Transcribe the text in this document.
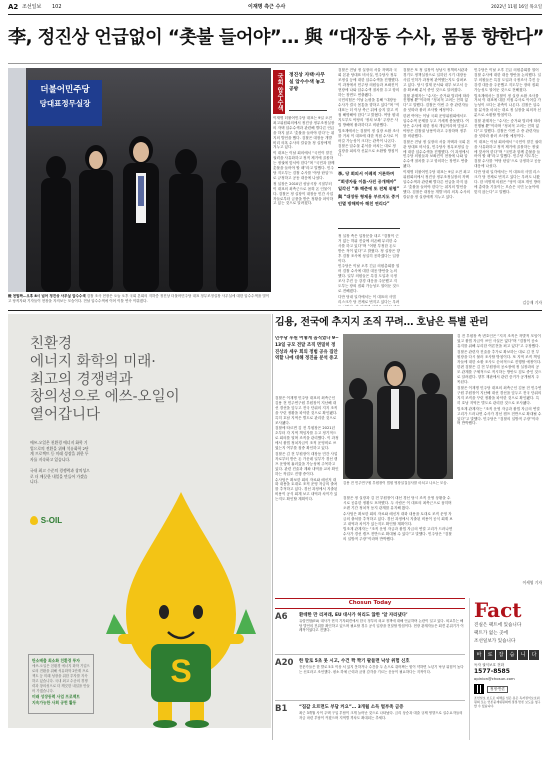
A2 조선일보 102	이재명 측근 수사	2022년 11월 16일 목요일
李, 정진상 언급없이 “촛불 들어야”… 與 “대장동 수사, 몸통 향한다”
더불어민주당
당대표정무실장
檢 천말짜…오후 8시 넘어 정진상 사무실 압수수색 검찰 조사 현장은 오늘 오후 국회 본회의 지하층 정진상 더불어민주당 대표 정무조정실장 사무실에 대한 압수수색을 벌이고 당직자와 기자들이 현장을 지켜보는 모습이다. 전날 압수수색에 이어 이틀 연속 이뤄졌다.
국회 압수수색	정진상 자택·사무실 압수수색 놓고 공방

이재명 더불어민주당 대표는 9일 오전 최고위원회의에서 정진상 정무조정실장의 자택 압수수색과 관련해 별다른 언급을 하지 않고 ‘촛불을 들어야 한다’는 취지의 발언을 했다. 검찰은 대장동 개발 비리 의혹 수사의 칼끝을 정 실장에게 겨누고 있다.

이 대표는 이날 회의에서 “국민이 맡긴 권력을 사유화하고 정적 제거에 골몰하는 정권에 맞서야 한다”며 “국민과 함께 촛불을 들어야 할 때”라고 말했다. 민주당 지도부는 검찰 수사를 ‘야당 탄압’으로 규정하고 공동 대응에 나섰다.

정 실장은 2010년 성남시장 시절부터 이 대표의 최측근으로 꼽혀 온 인물이다. 검찰은 정 실장이 대장동 민간 사업자들로부터 금품을 받은 정황을 파악하고 있는 것으로 알려졌다.

검찰은 전날 정 실장의 서울 자택과 국회 본관 당대표 비서실, 민주당사 정무조정실 등에 대한 압수수색을 진행했다. 이 과정에서 민주당 의원들과 보좌진이 현장에 나와 압수수색 절차를 두고 항의하는 장면도 연출됐다.

국민의힘은 이날 논평을 통해 “대장동 수사가 결국 몸통을 향하고 있다”며 “이 대표는 더 이상 측근 뒤에 숨지 말고 직접 해명해야 한다”고 밝혔다. 여당 원내 지도부도 야당의 ‘정치 보복’ 주장은 사법 방해에 불과하다고 비판했다.

법조계에서는 검찰이 정 실장 소환 조사를 거쳐 이 대표에 대한 직접 수사로 이어갈 가능성이 크다는 관측이 나온다. 검찰은 압수물 분석을 마치는 대로 정 실장을 피의자 신분으로 소환할 방침이다.

李, 당 회의서 이례적 거론하며 “회생자들 이름·사진 공개해야” 일각선 “李 해준에 또 전체 위협” 與 “대장동 형제용 부르지도 증거인멸 방해막아 해친 연리다”

정 실장 측은 입장문을 내고 “검찰이 근거 없는 허위 진술에 의존해 무리한 수사를 하고 있다”며 “어떤 부정한 돈도 받은 적이 없다”고 밝혔다. 정 실장은 향후 검찰 조사에 성실히 응하겠다는 입장이다.

민주당은 이날 오후 긴급 의원총회를 열어 검찰 수사에 대한 대응 방안을 논의했다. 일부 의원들은 특검 도입과 국정조사 추진 등 강경 대응을 주문했고 지도부는 장외 집회 가능성도 열어둔 것으로 전해졌다.

다만 당내 일각에서는 이 대표의 사법 리스크가 당 전체로 번지고 있다는 우려

검찰은 또 정 실장이 성남시 정책비서관과 경기도 정책실장으로 일하던 시기 대장동 사업 인허가 과정에 관여했는지도 살펴보고 있다. 당시 결재 문서와 내부 보고서 등을 확보해 분석 중인 것으로 알려졌다.

검찰 관계자는 “수사는 증거와 법리에 따라 진행될 뿐”이라며 “정치적 고려는 전혀 없다”고 말했다. 검찰은 이번 주 중 관련자들을 잇따라 불러 조사할 예정이다.

한편 여야는 이날 국회 운영위원회에서도 압수수색 문제를 두고 거세게 충돌했다. 여당은 수사에 대한 정치 개입이라며 맞섰고 야당은 검찰권 남용이라고 주장하며 정부를 비판했다.

검찰은 전날 정 실장의 서울 자택과 국회 본관 당대표 비서실, 민주당사 정무조정실 등에 대한 압수수색을 진행했다. 이 과정에서 민주당 의원들과 보좌진이 현장에 나와 압수수색 절차를 두고 항의하는 장면도 연출됐다.

이재명 더불어민주당 대표는 9일 오전 최고위원회의에서 정진상 정무조정실장의 자택 압수수색과 관련해 별다른 언급을 하지 않고 ‘촛불을 들어야 한다’는 취지의 발언을 했다. 검찰은 대장동 개발 비리 의혹 수사의 칼끝을 정 실장에게 겨누고 있다.

민주당은 이날 오후 긴급 의원총회를 열어 검찰 수사에 대한 대응 방안을 논의했다. 일부 의원들은 특검 도입과 국정조사 추진 등 강경 대응을 주문했고 지도부는 장외 집회 가능성도 열어둔 것으로 전해졌다.

법조계에서는 검찰이 정 실장 소환 조사를 거쳐 이 대표에 대한 직접 수사로 이어갈 가능성이 크다는 관측이 나온다. 검찰은 압수물 분석을 마치는 대로 정 실장을 피의자 신분으로 소환할 방침이다.

검찰 관계자는 “수사는 증거와 법리에 따라 진행될 뿐”이라며 “정치적 고려는 전혀 없다”고 말했다. 검찰은 이번 주 중 관련자들을 잇따라 불러 조사할 예정이다.

이 대표는 이날 회의에서 “국민이 맡긴 권력을 사유화하고 정적 제거에 골몰하는 정권에 맞서야 한다”며 “국민과 함께 촛불을 들어야 할 때”라고 말했다. 민주당 지도부는 검찰 수사를 ‘야당 탄압’으로 규정하고 공동 대응에 나섰다.

다만 당내 일각에서는 이 대표의 사법 리스크가 당 전체로 번지고 있다는 우려도 나왔다. 한 비명계 의원은 “당이 대표 개인 방어에 총력을 기울이는 모습은 국민 눈높이에 맞지 않는다”고 말했다.

김승재 기자
친환경
에너지 화학의 미래·
최고의 경쟁력과
창의성으로 에쓰-오일이
열어갑니다
에쓰-오일은 친환경 에너지 화학 기업으로의 전환을 위해 석유화학 2단계 프로젝트 등 미래 성장을 위한 투자를 지속하고 있습니다.

국내 최고 수준의 경쟁력과 창의성으로 더 깨끗한 내일을 만들어 가겠습니다.
S-OIL
탄소배출 최소화 친환경 투자
에쓰-오일은 친환경 에너지 화학 기업으로의 전환을 위해 석유화학 2단계 프로젝트 등 미래 성장을 위한 투자를 지속하고 있습니다. 국내 최고 수준의 경쟁력과 창의성으로 더 깨끗한 내일을 만들어 가겠습니다.
미래 성장동력 사업 프로젝트
지속가능한 사회 공헌 활동
S
김용, 전국에 추지지 조직 꾸려… 호남은 특별 관리
민주당 후원 어떻게 움직였나 9~13일 규모 전달 조직 면밀히 정진상과 세우 회의 정범 공유 집안 역할 나에 대해 정진을 분석 중고

검찰은 이재명 민주당 대표의 최측근인 김용 전 민주연구원 부원장이 지난해 대선 경선을 앞두고 전국 단위의 지지 조직을 꾸린 정황을 파악한 것으로 확인됐다. 특히 호남 지역은 별도로 관리한 것으로 조사됐다.

검찰에 따르면 김 전 부원장은 2021년 초부터 각 지역 책임자를 두고 정기적으로 회의를 열며 조직을 관리했다. 이 과정에서 불법 정치자금이 조직 운영비로 쓰였는지 여부를 집중 확인하고 있다.

검찰은 김 전 부원장이 대장동 민간 사업자로부터 받은 돈 가운데 일부가 경선 캠프 운영에 흘러갔을 가능성에 주목하고 있다. 관련 진술과 계좌 내역을 교차 확인하는 작업도 진행 중이다.

수사팀은 확보한 회의 자료와 메신저 대화 내용을 토대로 조직 운영 자금의 출처를 추적하고 있다. 경선 과정에서 지출된 비용이 공식 회계 보고 내역과 차이가 있는지도 확인할 계획이다.

김용 전 민주연구원 부원장이 법원 영장실질심사를 마치고 나오는 모습.

검찰은 정 실장과 김 전 부원장이 대선 경선 당시 조직 운영 상황을 수시로 공유한 정황도 포착했다. 두 사람은 이 대표의 최측근으로 꼽히며 오랜 기간 정치적 동지 관계를 유지해 왔다.

수사팀은 확보한 회의 자료와 메신저 대화 내용을 토대로 조직 운영 자금의 출처를 추적하고 있다. 경선 과정에서 지출된 비용이 공식 회계 보고 내역과 차이가 있는지도 확인할 계획이다.

법조계 관계자는 “조직 운영 자금과 불법 자금의 연결 고리가 드러나면 수사가 경선 캠프 전반으로 확대될 수 있다”고 말했다. 민주당은 “검찰의 일방적 주장”이라며 반박했다.

김 전 부원장 측 변호인은 “지지 조직은 자발적 모임이었고 불법 자금이 쓰인 사실은 없다”며 “검찰이 공소 유지를 위해 무리한 여론전을 펴고 있다”고 주장했다.

검찰은 관련자 진술을 추가로 확보하는 대로 김 전 부원장을 다시 불러 조사할 방침이다. 또 지역 조직 책임자들에 대한 소환 조사도 순차적으로 진행할 예정이다.

한편 검찰은 김 전 부원장의 공소장에 정 실장과의 공모 관계를 구체적으로 적시하는 방안도 검토 중인 것으로 알려졌다. 향후 재판에서 관련 증거가 공개될지 주목된다.

검찰은 이재명 민주당 대표의 최측근인 김용 전 민주연구원 부원장이 지난해 대선 경선을 앞두고 전국 단위의 지지 조직을 꾸린 정황을 파악한 것으로 확인됐다. 특히 호남 지역은 별도로 관리한 것으로 조사됐다.

법조계 관계자는 “조직 운영 자금과 불법 자금의 연결 고리가 드러나면 수사가 경선 캠프 전반으로 확대될 수 있다”고 말했다. 민주당은 “검찰의 일방적 주장”이라며 반박했다.

이세영 기자
Chosun Today
A6	환데한 만 리져래, EU 대사가 허리도 않한 ‘알 자라냈다’
유럽연합(EU) 대사가 현지 기자회견에서 한국 정부의 외교 정책에 대해 언급하며 논란이 일고 있다. 외교부는 해당 발언의 진위를 확인하고 있으며 필요할 경우 공식 입장을 전달할 방침이다. 현장 관계자들은 회견 분위기가 이례적이었다고 전했다.
A20 한 말로 5초 못 시고, 수건 짝 짝기 팔들면 낙상 위험 신호
전문가들은 한 발로 5초 이상 서 있지 못하거나 수건을 두 손으로 쥐어짜는 힘이 약하면 노년기 낙상 위험이 높다는 신호라고 조언했다. 평소 하체 근력과 균형 감각을 기르는 운동이 필요하다는 지적이다.
B1	“집값 오르면도 부담 커요”… 3개월 소득 벌부족 금증
최근 3개월 사이 주택 구입 부담이 크게 늘어난 것으로 나타났다. 금리 상승과 대출 규제 영향으로 실수요자들의 자금 마련 부담이 커졌으며 지역별 격차도 확대되는 추세다.
Fact
진실은 팩트에 있습니다
팩트가 없는 곳에
조선일보가 있습니다
바	로	잡	습	니	다
독자 권익보호 전화
1577-8585
opinion@chosun.com
정정·반론
조선일보 보도로 피해를 입은 분은 독자권익보호위원회 또는 언론중재위원회에 정정·반론 보도를 청구할 수 있습니다.
